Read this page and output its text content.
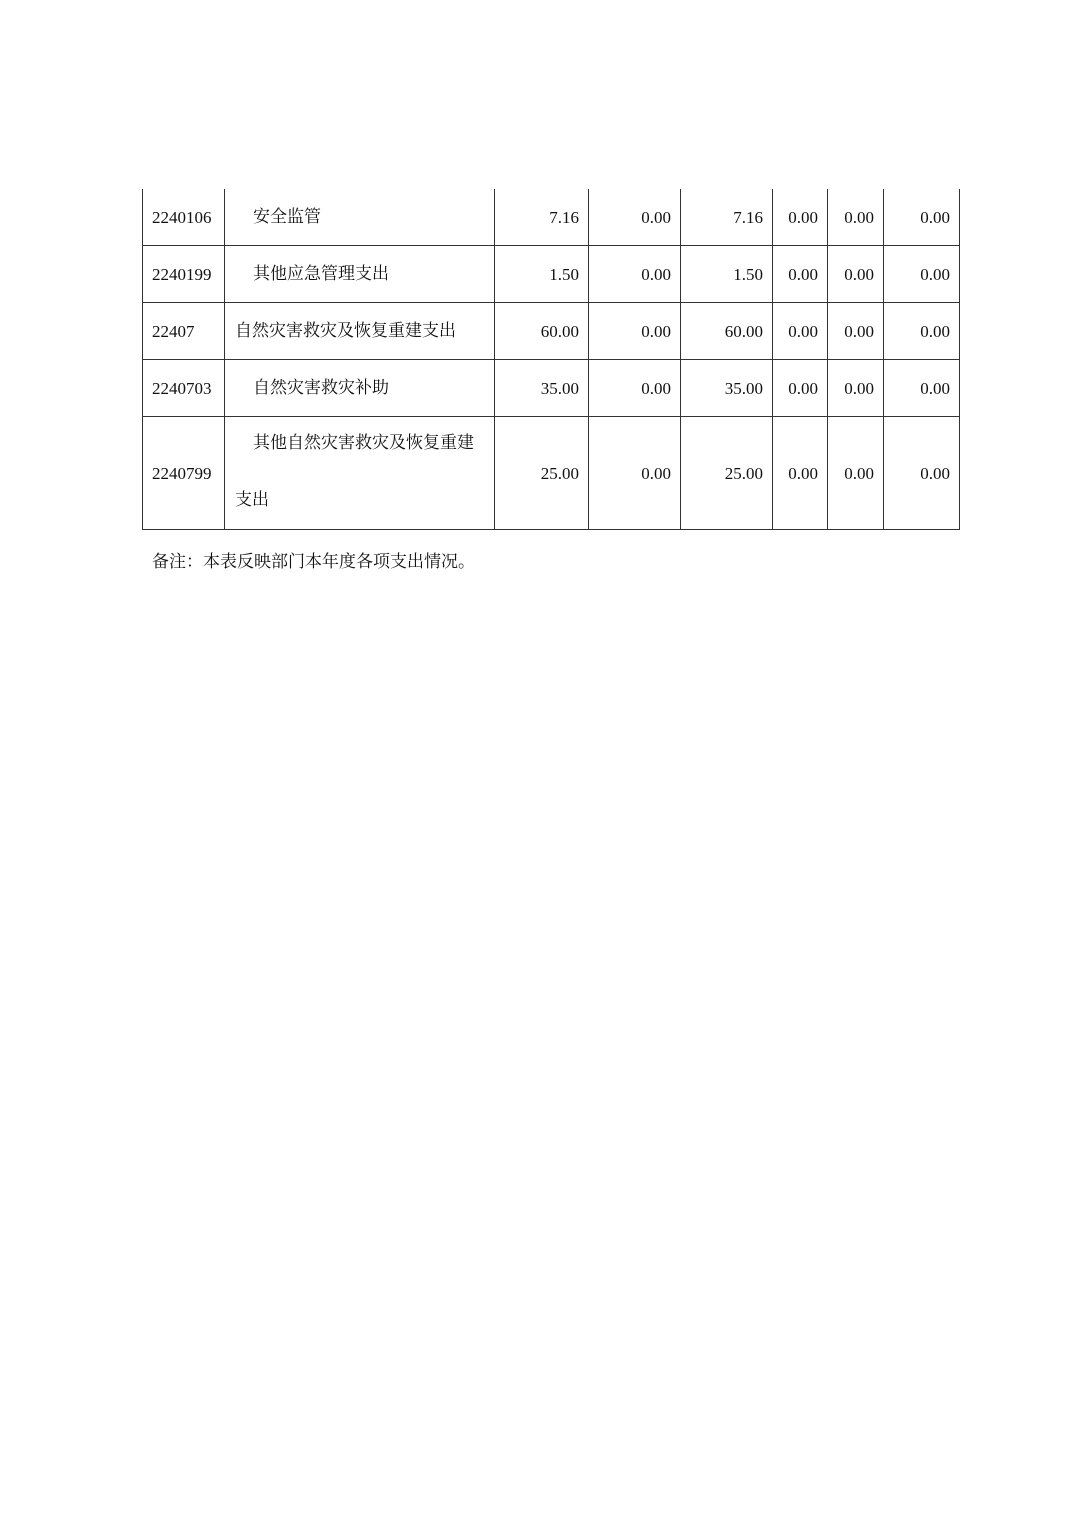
2240106	安全监管	7.16	0.00	7.16	0.00	0.00	0.00
2240199	其他应急管理支出	1.50	0.00	1.50	0.00	0.00	0.00
22407	自然灾害救灾及恢复重建支出	60.00	0.00	60.00	0.00	0.00	0.00
2240703	自然灾害救灾补助	35.00	0.00	35.00	0.00	0.00	0.00
2240799	其他自然灾害救灾及恢复重建支出	25.00	0.00	25.00	0.00	0.00	0.00
备注：本表反映部门本年度各项支出情况。
